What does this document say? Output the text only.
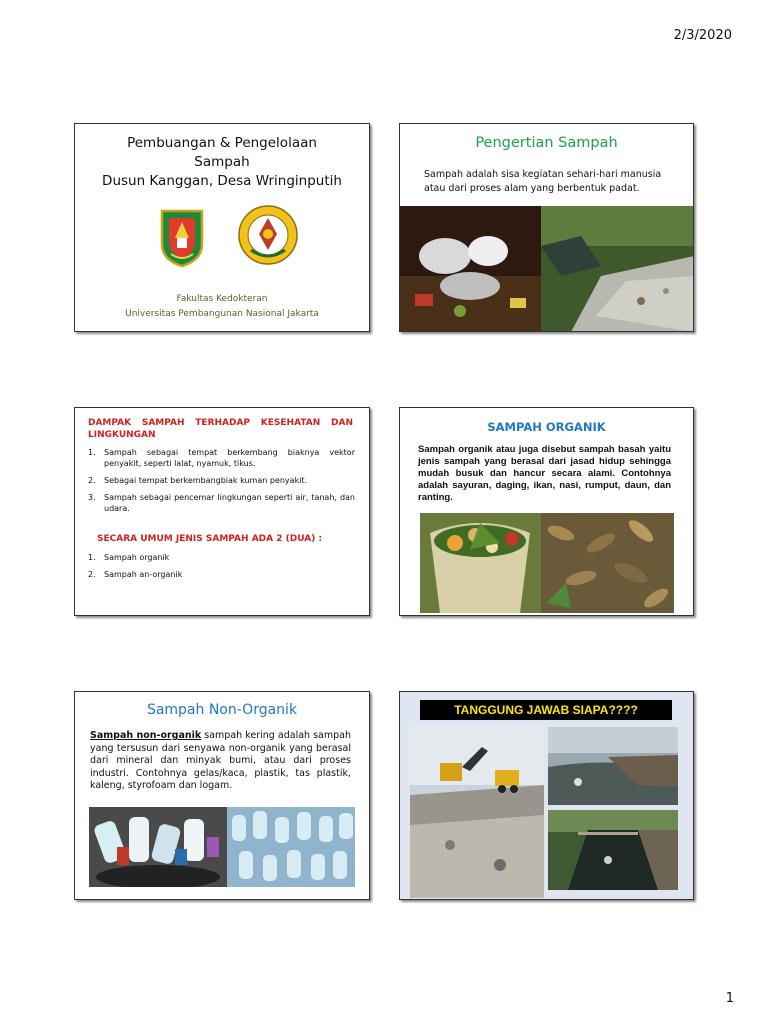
2/3/2020
Pembuangan & Pengelolaan
Sampah
Dusun Kanggan, Desa Wringinputih
Fakultas Kedokteran
Universitas Pembangunan Nasional Jakarta
Pengertian Sampah
Sampah adalah sisa kegiatan sehari-hari manusia atau dari proses alam yang berbentuk padat.
DAMPAK SAMPAH TERHADAP KESEHATAN DAN LINGKUNGAN
1.	Sampah sebagai tempat berkembang biaknya vektor penyakit, seperti lalat, nyamuk, tikus.
2.	Sebagai tempat berkembangbiak kuman penyakit.
3.	Sampah sebagai pencemar lingkungan seperti air, tanah, dan udara.
SECARA UMUM JENIS SAMPAH ADA 2 (DUA) :
1.	Sampah organik
2.	Sampah an-organik
SAMPAH ORGANIK
Sampah organik atau juga disebut sampah basah yaitu jenis sampah yang berasal dari jasad hidup sehingga mudah busuk dan hancur secara alami. Contohnya adalah sayuran, daging, ikan, nasi, rumput, daun, dan ranting.
Sampah Non-Organik
Sampah non-organik sampah kering adalah sampah yang tersusun dari senyawa non-organik yang berasal dari mineral dan minyak bumi, atau dari proses industri. Contohnya gelas/kaca, plastik, tas plastik, kaleng, styrofoam dan logam.
TANGGUNG JAWAB SIAPA????
1
